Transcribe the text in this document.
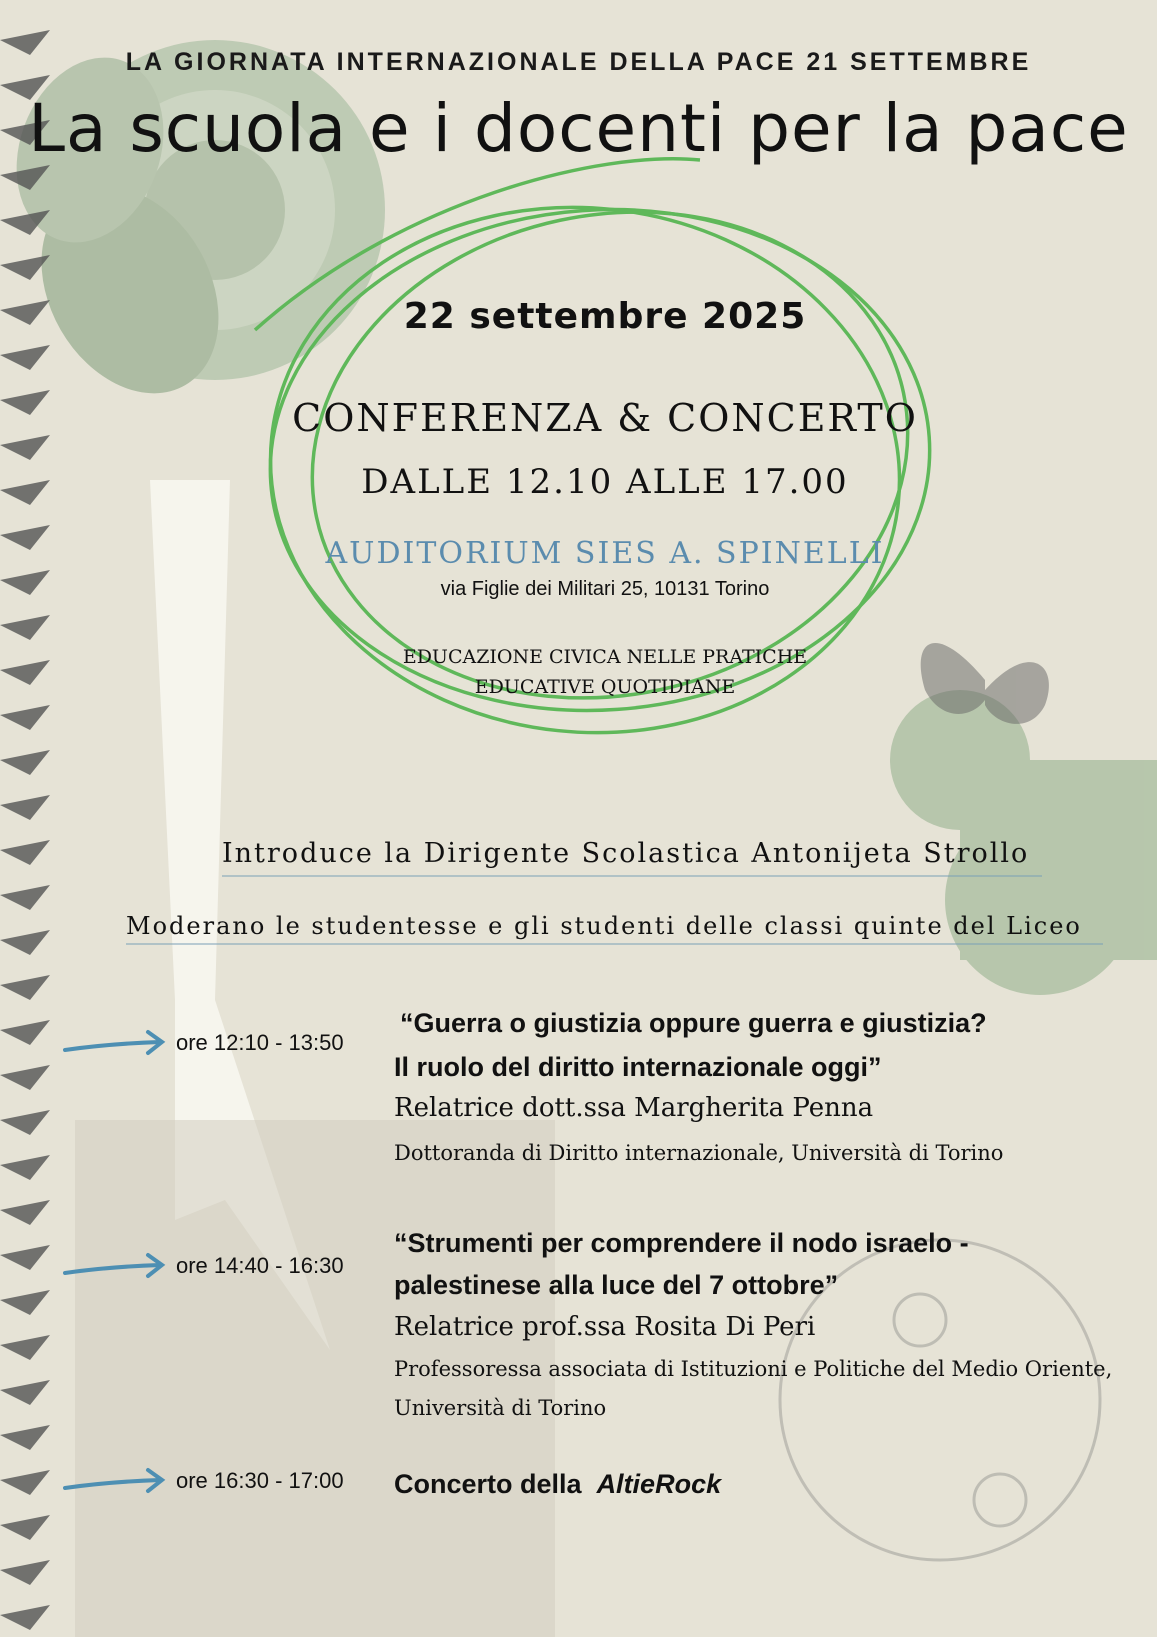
LA GIORNATA INTERNAZIONALE DELLA PACE 21 SETTEMBRE
La scuola e i docenti per la pace
22 settembre 2025
CONFERENZA & CONCERTO
DALLE 12.10 ALLE 17.00
AUDITORIUM SIES A. SPINELLI
via Figlie dei Militari 25, 10131 Torino
EDUCAZIONE CIVICA NELLE PRATICHE
EDUCATIVE QUOTIDIANE
Introduce la Dirigente Scolastica Antonijeta Strollo
Moderano le studentesse e gli studenti delle classi quinte del Liceo
ore 12:10 - 13:50
“Guerra o giustizia oppure guerra e giustizia?
Il ruolo del diritto internazionale oggi”
Relatrice dott.ssa Margherita Penna
Dottoranda di Diritto internazionale, Università di Torino
ore 14:40 - 16:30
“Strumenti per comprendere il nodo israelo -
palestinese alla luce del 7 ottobre”
Relatrice prof.ssa Rosita Di Peri
Professoressa associata di Istituzioni e Politiche del Medio Oriente,
Università di Torino
ore 16:30 - 17:00 Concerto della AltieRock
